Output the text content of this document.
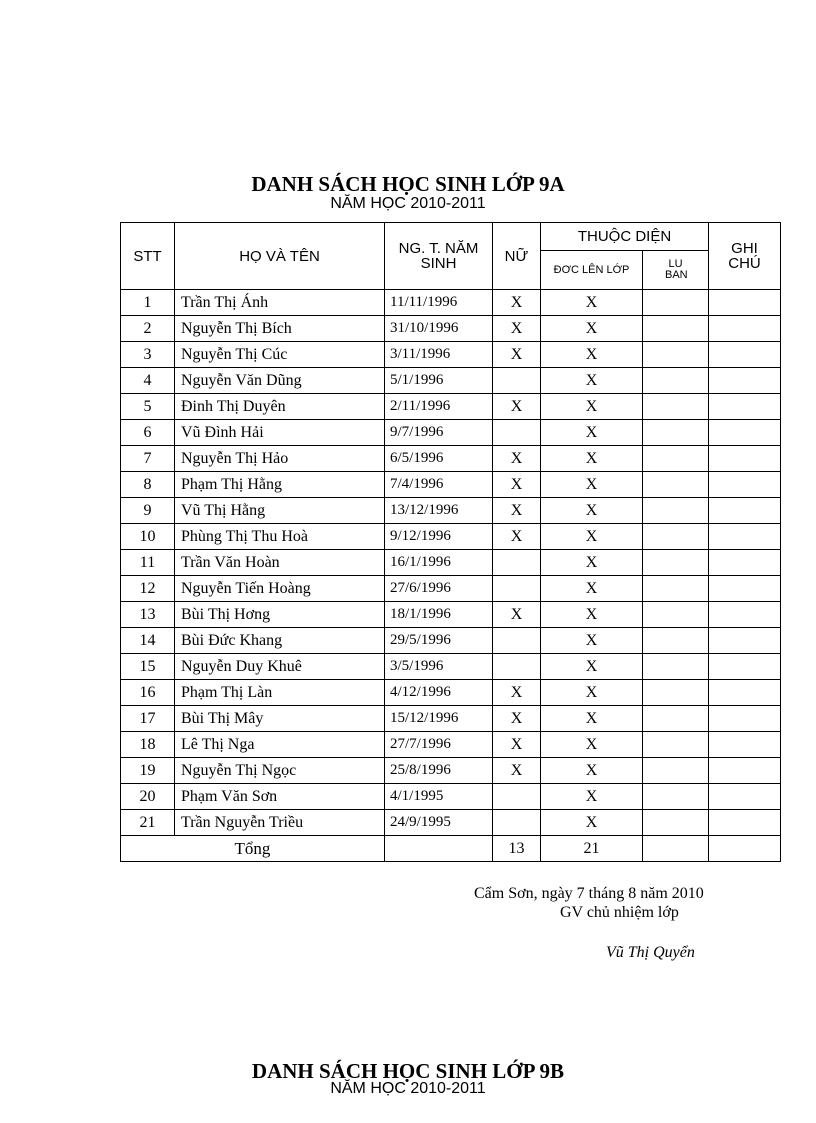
DANH SÁCH HỌC SINH LỚP 9A
NĂM HỌC 2010-2011
STT	HỌ VÀ TÊN	NG. T. NĂM SINH	NỮ	THUỘC DIỆN		GHI CHÚ
				ĐƠC LÊN LỚP	LU BAN	
1	Trần Thị Ánh	11/11/1996	X	X		
2	Nguyễn Thị Bích	31/10/1996	X	X		
3	Nguyễn Thị Cúc	3/11/1996	X	X		
4	Nguyễn Văn Dũng	5/1/1996		X		
5	Đinh Thị Duyên	2/11/1996	X	X		
6	Vũ Đình Hải	9/7/1996		X		
7	Nguyễn Thị Hảo	6/5/1996	X	X		
8	Phạm Thị Hằng	7/4/1996	X	X		
9	Vũ Thị Hằng	13/12/1996	X	X		
10	Phùng Thị Thu Hoà	9/12/1996	X	X		
11	Trần Văn Hoàn	16/1/1996		X		
12	Nguyễn Tiến Hoàng	27/6/1996		X		
13	Bùi Thị Hơng	18/1/1996	X	X		
14	Bùi Đức Khang	29/5/1996		X		
15	Nguyễn Duy Khuê	3/5/1996		X		
16	Phạm Thị Làn	4/12/1996	X	X		
17	Bùi Thị Mây	15/12/1996	X	X		
18	Lê Thị Nga	27/7/1996	X	X		
19	Nguyễn Thị Ngọc	25/8/1996	X	X		
20	Phạm Văn Sơn	4/1/1995		X		
21	Trần Nguyễn Triều	24/9/1995		X		
Tổng			13	21		
Cẩm Sơn, ngày 7 tháng 8 năm 2010
GV chủ nhiệm lớp
Vũ Thị Quyển
DANH SÁCH HỌC SINH LỚP 9B
NĂM HỌC 2010-2011
